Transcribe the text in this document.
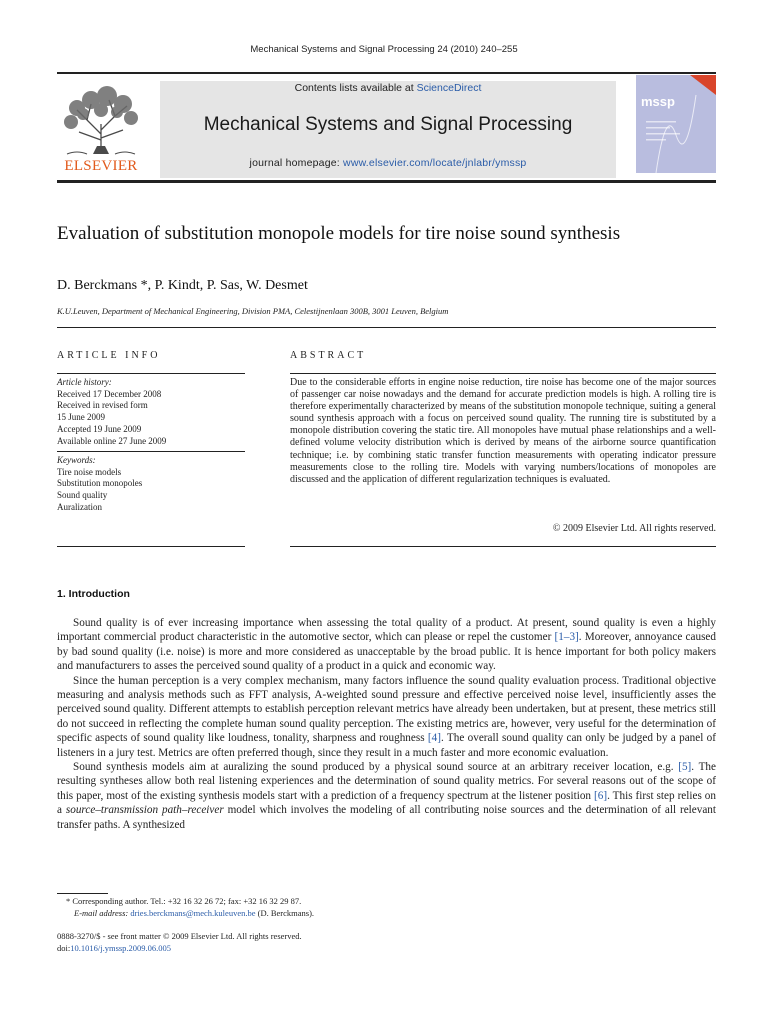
Mechanical Systems and Signal Processing 24 (2010) 240–255
ELSEVIER
Contents lists available at ScienceDirect
Mechanical Systems and Signal Processing
journal homepage: www.elsevier.com/locate/jnlabr/ymssp
mssp
Evaluation of substitution monopole models for tire noise sound synthesis
D. Berckmans *, P. Kindt, P. Sas, W. Desmet
K.U.Leuven, Department of Mechanical Engineering, Division PMA, Celestijnenlaan 300B, 3001 Leuven, Belgium
ARTICLE INFO	ABSTRACT
Article history:
Received 17 December 2008
Received in revised form
15 June 2009
Accepted 19 June 2009
Available online 27 June 2009
Keywords:
Tire noise models
Substitution monopoles
Sound quality
Auralization
Due to the considerable efforts in engine noise reduction, tire noise has become one of the major sources of passenger car noise nowadays and the demand for accurate prediction models is high. A rolling tire is therefore experimentally characterized by means of the substitution monopole technique, suiting a general sound synthesis approach with a focus on perceived sound quality. The running tire is substituted by a monopole distribution covering the static tire. All monopoles have mutual phase relationships and a well-defined volume velocity distribution which is derived by means of the airborne source quantification technique; i.e. by combining static transfer function measurements with operating indicator pressure measurements close to the rolling tire. Models with varying numbers/locations of monopoles are discussed and the application of different regularization techniques is evaluated.
© 2009 Elsevier Ltd. All rights reserved.
1. Introduction

Sound quality is of ever increasing importance when assessing the total quality of a product. At present, sound quality is even a highly important commercial product characteristic in the automotive sector, which can please or repel the customer [1–3]. Moreover, annoyance caused by bad sound quality (i.e. noise) is more and more considered as unacceptable by the broad public. It is hence important for both policy makers and manufacturers to asses the perceived sound quality of a product in a quick and economic way.

Since the human perception is a very complex mechanism, many factors influence the sound quality evaluation process. Traditional objective measuring and analysis methods such as FFT analysis, A-weighted sound pressure and effective perceived noise level, insufficiently asses the perceived sound quality. Different attempts to establish perception relevant metrics have already been undertaken, but at present, these metrics still do not succeed in reflecting the complete human sound quality perception. The existing metrics are, however, very useful for the determination of specific aspects of sound quality like loudness, tonality, sharpness and roughness [4]. The overall sound quality can only be judged by a panel of listeners in a jury test. Metrics are often preferred though, since they result in a much faster and more economic evaluation.

Sound synthesis models aim at auralizing the sound produced by a physical sound source at an arbitrary receiver location, e.g. [5]. The resulting syntheses allow both real listening experiences and the determination of sound quality metrics. For several reasons out of the scope of this paper, most of the existing synthesis models start with a prediction of a frequency spectrum at the listener position [6]. This first step relies on a source–transmission path–receiver model which involves the modeling of all contributing noise sources and the determination of all relevant transfer paths. A synthesized

* Corresponding author. Tel.: +32 16 32 26 72; fax: +32 16 32 29 87.
E-mail address: dries.berckmans@mech.kuleuven.be (D. Berckmans).
0888-3270/$ - see front matter © 2009 Elsevier Ltd. All rights reserved.
doi:10.1016/j.ymssp.2009.06.005
